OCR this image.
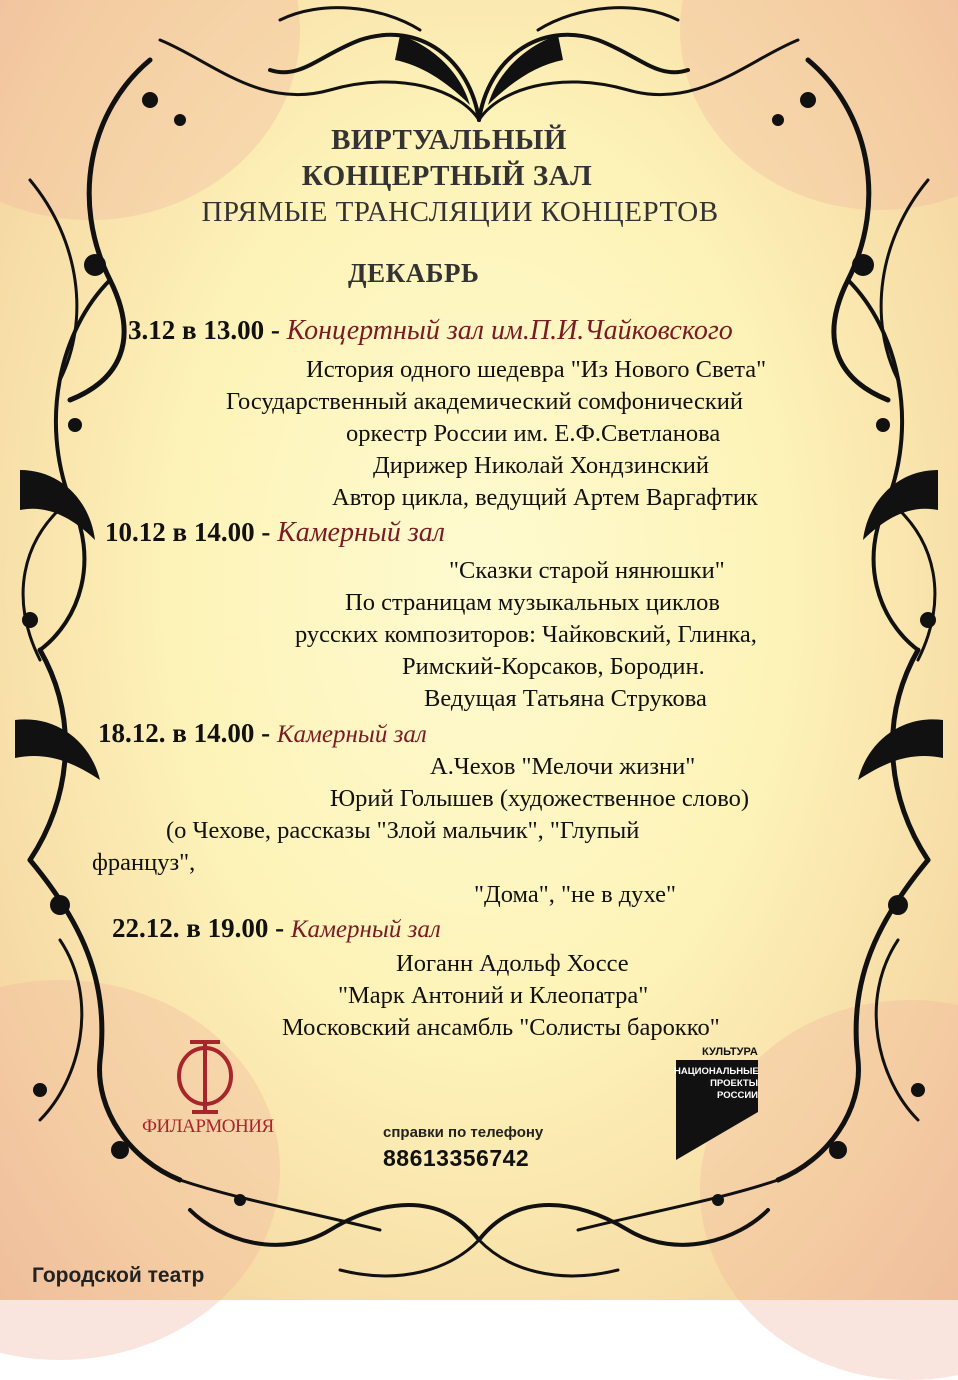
ВИРТУАЛЬНЫЙ
КОНЦЕРТНЫЙ ЗАЛ
ПРЯМЫЕ ТРАНСЛЯЦИИ КОНЦЕРТОВ
ДЕКАБРЬ
3.12 в 13.00 - Концертный зал им.П.И.Чайковского
История одного шедевра "Из Нового Света"
Государственный академический сомфонический
оркестр России им. Е.Ф.Светланова
Дирижер Николай Хондзинский
Автор цикла, ведущий Артем Варгафтик
10.12 в 14.00 - Камерный зал
"Сказки старой нянюшки"
По страницам музыкальных циклов
русских композиторов: Чайковский, Глинка,
Римский-Корсаков, Бородин.
Ведущая Татьяна Струкова
18.12. в 14.00 - Камерный зал
А.Чехов "Мелочи жизни"
Юрий Голышев (художественное слово)
(о Чехове, рассказы "Злой мальчик", "Глупый
француз",
"Дома", "не в духе"
22.12. в 19.00 - Камерный зал
Иоганн Адольф Хоссе
"Марк Антоний и Клеопатра"
Московский ансамбль "Солисты барокко"
ФИЛАРМОНИЯ	справки по телефону
88613356742
КУЛЬТУРА
НАЦИОНАЛЬНЫЕ
ПРОЕКТЫ
РОССИИ
Городской театр
